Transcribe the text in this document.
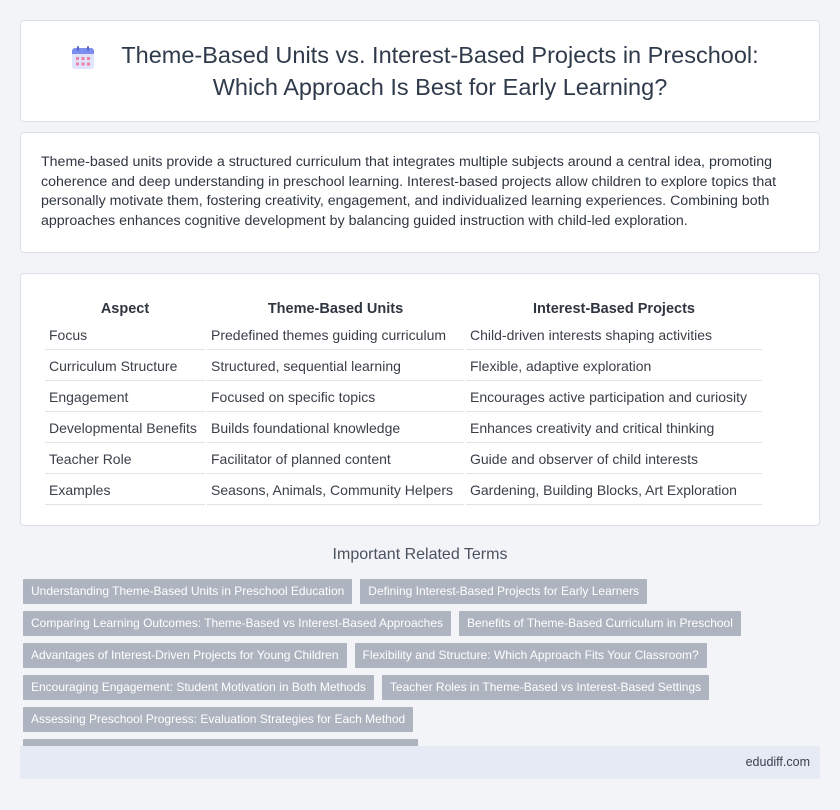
Theme-Based Units vs. Interest-Based Projects in Preschool: Which Approach Is Best for Early Learning?

Theme-based units provide a structured curriculum that integrates multiple subjects around a central idea, promoting coherence and deep understanding in preschool learning. Interest-based projects allow children to explore topics that personally motivate them, fostering creativity, engagement, and individualized learning experiences. Combining both approaches enhances cognitive development by balancing guided instruction with child-led exploration.

Aspect	Theme-Based Units	Interest-Based Projects
Focus	Predefined themes guiding curriculum	Child-driven interests shaping activities
Curriculum Structure	Structured, sequential learning	Flexible, adaptive exploration
Engagement	Focused on specific topics	Encourages active participation and curiosity
Developmental Benefits	Builds foundational knowledge	Enhances creativity and critical thinking
Teacher Role	Facilitator of planned content	Guide and observer of child interests
Examples	Seasons, Animals, Community Helpers	Gardening, Building Blocks, Art Exploration
Important Related Terms
Understanding Theme-Based Units in Preschool Education	Defining Interest-Based Projects for Early Learners
Comparing Learning Outcomes: Theme-Based vs Interest-Based Approaches	Benefits of Theme-Based Curriculum in Preschool
Advantages of Interest-Driven Projects for Young Children	Flexibility and Structure: Which Approach Fits Your Classroom?
Encouraging Engagement: Student Motivation in Both Methods	Teacher Roles in Theme-Based vs Interest-Based Settings
Assessing Preschool Progress: Evaluation Strategies for Each Method
edudiff.com
